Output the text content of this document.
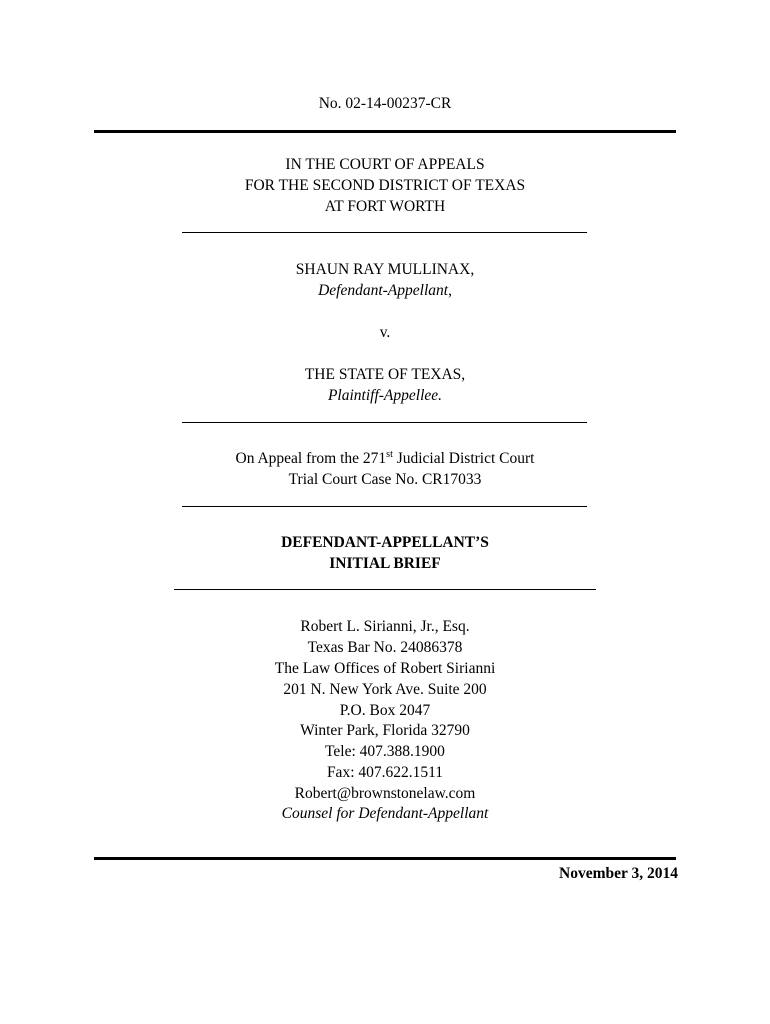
No. 02-14-00237-CR
IN THE COURT OF APPEALS
FOR THE SECOND DISTRICT OF TEXAS
AT FORT WORTH
SHAUN RAY MULLINAX,
Defendant-Appellant,
v.
THE STATE OF TEXAS,
Plaintiff-Appellee.
On Appeal from the 271st Judicial District Court
Trial Court Case No. CR17033
DEFENDANT-APPELLANT’S
INITIAL BRIEF
Robert L. Sirianni, Jr., Esq.
Texas Bar No. 24086378
The Law Offices of Robert Sirianni
201 N. New York Ave. Suite 200
P.O. Box 2047
Winter Park, Florida 32790
Tele: 407.388.1900
Fax: 407.622.1511
Robert@brownstonelaw.com
Counsel for Defendant-Appellant
November 3, 2014
